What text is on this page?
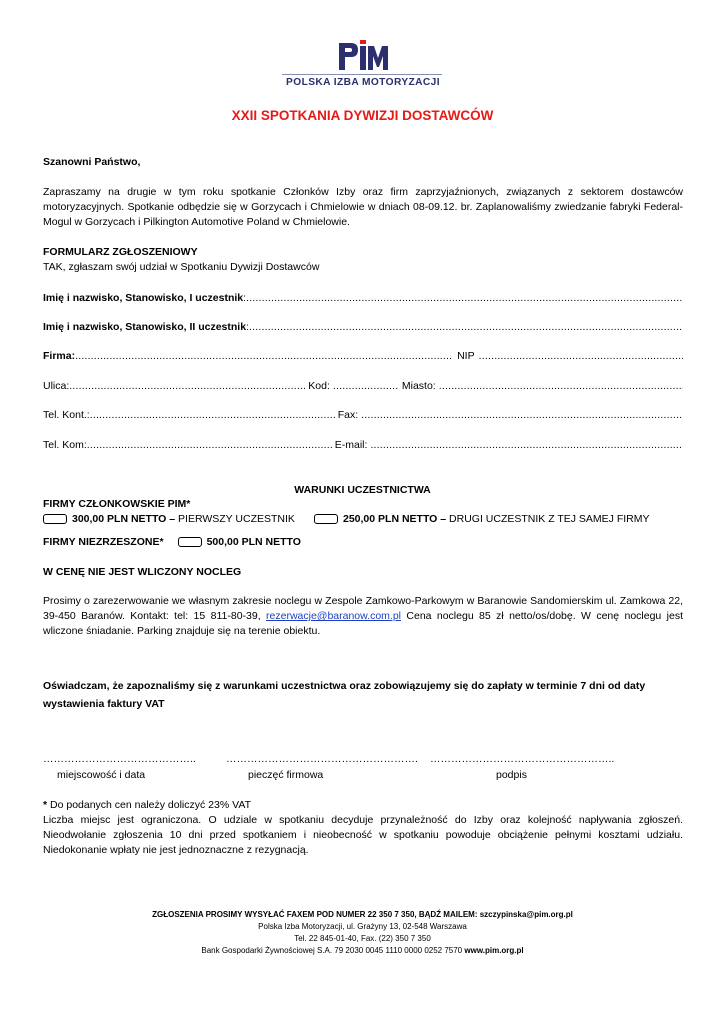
POLSKA IZBA MOTORYZACJI
XXII SPOTKANIA DYWIZJI DOSTAWCÓW
Szanowni Państwo,
Zapraszamy na drugie w tym roku spotkanie Członków Izby oraz firm zaprzyjaźnionych, związanych z sektorem dostawców motoryzacyjnych. Spotkanie odbędzie się w Gorzycach i Chmielowie w dniach 08-09.12. br. Zaplanowaliśmy zwiedzanie fabryki Federal-Mogul w Gorzycach i Pilkington Automotive Poland w Chmielowie.
FORMULARZ ZGŁOSZENIOWY
TAK, zgłaszam swój udział w Spotkaniu Dywizji Dostawców
Imię i nazwisko, Stanowisko, I uczestnik :
.....
Imię i nazwisko, Stanowisko, II uczestnik :
.....
Firma: .....	NIP
.....
Ulica: .....	Kod: .....	Miasto:
.....
Tel. Kont.: .....	Fax:
.....
Tel. Kom: .....	E-mail:
.....
WARUNKI UCZESTNICTWA
FIRMY CZŁONKOWSKIE PIM*
300,00 PLN NETTO – PIERWSZY UCZESTNIK	250,00 PLN NETTO – DRUGI UCZESTNIK Z TEJ SAMEJ FIRMY
FIRMY NIEZRZESZONE*	500,00 PLN NETTO
W CENĘ NIE JEST WLICZONY NOCLEG
Prosimy o zarezerwowanie we własnym zakresie noclegu w Zespole Zamkowo-Parkowym w Baranowie Sandomierskim ul. Zamkowa 22, 39-450 Baranów. Kontakt: tel: 15 811-80-39, rezerwacje@baranow.com.pl Cena noclegu 85 zł netto/os/dobę. W cenę noclegu jest wliczone śniadanie. Parking znajduje się na terenie obiektu.
Oświadczam, że zapoznaliśmy się z warunkami uczestnictwa oraz zobowiązujemy się do zapłaty w terminie 7 dni od daty wystawienia faktury VAT
……………………………………..	………………………………………………. ……………………………………………..
miejscowość i data	pieczęć firmowa	podpis
* Do podanych cen należy doliczyć 23% VAT
Liczba miejsc jest ograniczona. O udziale w spotkaniu decyduje przynależność do Izby oraz kolejność napływania zgłoszeń. Nieodwołanie zgłoszenia 10 dni przed spotkaniem i nieobecność w spotkaniu powoduje obciążenie pełnymi kosztami udziału. Niedokonanie wpłaty nie jest jednoznaczne z rezygnacją.
ZGŁOSZENIA PROSIMY WYSYŁAĆ FAXEM POD NUMER 22 350 7 350, BĄDŹ MAILEM: szczypinska@pim.org.pl
Polska Izba Motoryzacji, ul. Grażyny 13, 02-548 Warszawa
Tel. 22 845-01-40, Fax. (22) 350 7 350
Bank Gospodarki Żywnościowej S.A. 79 2030 0045 1110 0000 0252 7570 www.pim.org.pl
